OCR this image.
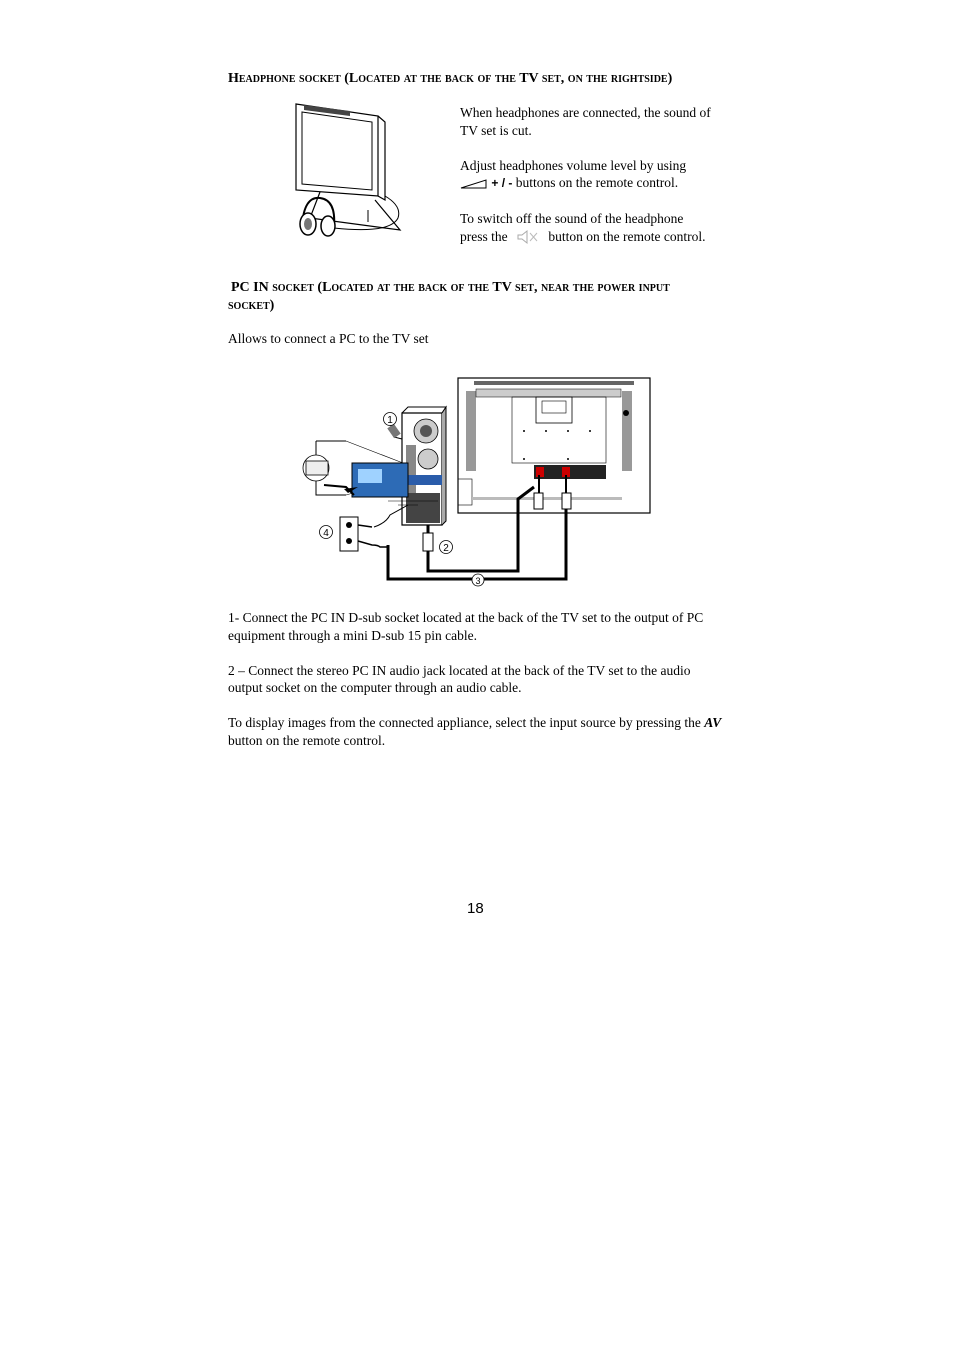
Headphone socket (Located at the back of the TV set, on the rightside)

When headphones are connected, the sound of TV set is cut.

Adjust headphones volume level by using
+ / - buttons on the remote control.

To switch off the sound of the headphone
press the	button on the remote control.

PC IN socket (Located at the back of the TV set, near the power input
socket)
Allows to connect a PC to the TV set
1
2
3
4

1- Connect the PC IN D-sub socket located at the back of the TV set to the output of PC equipment through a mini D-sub 15 pin cable.

2 – Connect the stereo PC IN audio jack located at the back of the TV set to the audio output socket on the computer through an audio cable.

To display images from the connected appliance, select the input source by pressing the AV button on the remote control.

18
